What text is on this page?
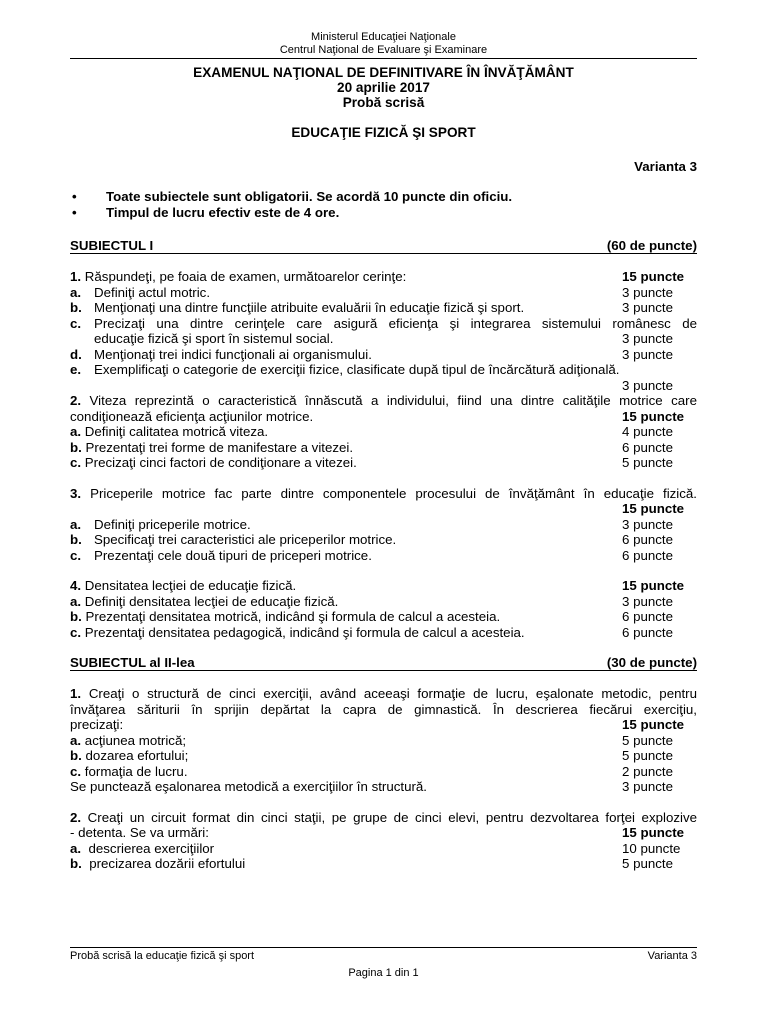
Ministerul Educaţiei Naţionale
Centrul Naţional de Evaluare şi Examinare
EXAMENUL NAŢIONAL DE DEFINITIVARE ÎN ÎNVĂŢĂMÂNT
20 aprilie 2017
Probă scrisă
EDUCAŢIE FIZICĂ ŞI SPORT
Varianta 3
• Toate subiectele sunt obligatorii. Se acordă 10 puncte din oficiu.
• Timpul de lucru efectiv este de 4 ore.
SUBIECTUL I	(60 de puncte)
1. Răspundeţi, pe foaia de examen, următoarelor cerinţe:	15 puncte
a. Definiţi actul motric.	3 puncte
b. Menţionaţi una dintre funcţiile atribuite evaluării în educaţie fizică şi sport.	3 puncte
c. Precizaţi una dintre cerinţele care asigură eficienţa şi integrarea sistemului românesc de
educaţie fizică şi sport în sistemul social.	3 puncte
d. Menţionaţi trei indici funcţionali ai organismului.	3 puncte
e. Exemplificaţi o categorie de exerciţii fizice, clasificate după tipul de încărcătură adiţională.
3 puncte
2. Viteza reprezintă o caracteristică înnăscută a individului, fiind una dintre calităţile motrice care
condiţionează eficienţa acţiunilor motrice.	15 puncte
a. Definiţi calitatea motrică viteza.	4 puncte
b. Prezentaţi trei forme de manifestare a vitezei.	6 puncte
c. Precizaţi cinci factori de condiţionare a vitezei.	5 puncte
3. Priceperile motrice fac parte dintre componentele procesului de învăţământ în educaţie fizică.
15 puncte
a. Definiţi priceperile motrice.	3 puncte
b. Specificaţi trei caracteristici ale priceperilor motrice.	6 puncte
c. Prezentaţi cele două tipuri de priceperi motrice.	6 puncte
4. Densitatea lecţiei de educaţie fizică.	15 puncte
a. Definiţi densitatea lecţiei de educaţie fizică.	3 puncte
b. Prezentaţi densitatea motrică, indicând şi formula de calcul a acesteia.	6 puncte
c. Prezentaţi densitatea pedagogică, indicând şi formula de calcul a acesteia.	6 puncte
SUBIECTUL al II-lea	(30 de puncte)
1. Creaţi o structură de cinci exerciţii, având aceeaşi formaţie de lucru, eşalonate metodic, pentru
învăţarea săriturii în sprijin depărtat la capra de gimnastică. În descrierea fiecărui exerciţiu,
precizaţi:	15 puncte
a. acţiunea motrică;	5 puncte
b. dozarea efortului;	5 puncte
c. formaţia de lucru.	2 puncte
Se punctează eşalonarea metodică a exerciţiilor în structură.	3 puncte
2. Creaţi un circuit format din cinci staţii, pe grupe de cinci elevi, pentru dezvoltarea forţei explozive
- detenta. Se va urmări:	15 puncte
a. descrierea exerciţiilor	10 puncte
b. precizarea dozării efortului	5 puncte
Probă scrisă la educaţie fizică şi sport	Varianta 3
Pagina 1 din 1
